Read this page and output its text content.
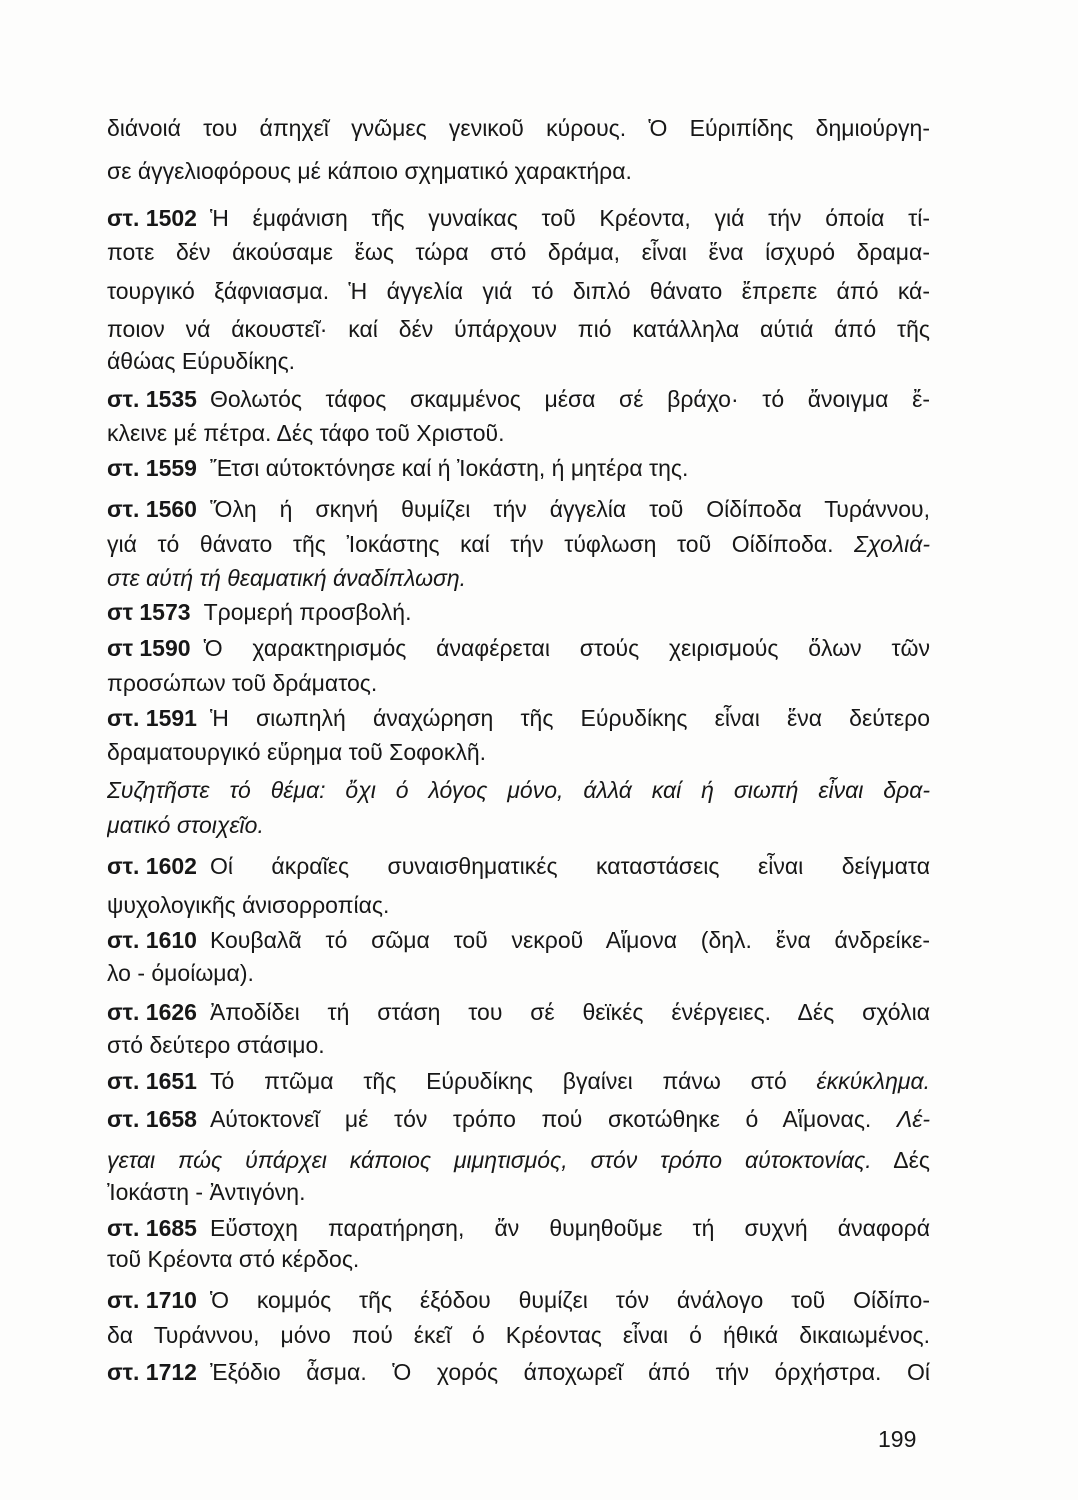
διάνοιά του άπηχεῖ γνῶμες γενικοῦ κύρους. Ὁ Εύριπίδης δημιούργη-
σε άγγελιοφόρους μέ κάποιο σχηματικό χαρακτήρα.
στ. 1502 Ἡ έμφάνιση τῆς γυναίκας τοῦ Κρέοντα, γιά τήν όποία τί-
ποτε δέν άκούσαμε ἕως τώρα στό δράμα, εἶναι ἕνα ίσχυρό δραμα-
τουργικό ξάφνιασμα. Ἡ άγγελία γιά τό διπλό θάνατο ἔπρεπε άπό κά-
ποιον νά άκουστεῖ· καί δέν ύπάρχουν πιό κατάλληλα αύτιά άπό τῆς
άθώας Εύρυδίκης.
στ. 1535 Θολωτός τάφος σκαμμένος μέσα σέ βράχο· τό ἄνοιγμα ἔ-
κλεινε μέ πέτρα. Δές τάφο τοῦ Χριστοῦ.
στ. 1559 Ἔτσι αύτοκτόνησε καί ή Ἰοκάστη, ή μητέρα της.
στ. 1560 Ὅλη ή σκηνή θυμίζει τήν άγγελία τοῦ Οίδίποδα Τυράννου,
γιά τό θάνατο τῆς Ἰοκάστης καί τήν τύφλωση τοῦ Οίδίποδα. Σχολιά-
στε αύτή τή θεαματική άναδίπλωση.
στ 1573 Τρομερή προσβολή.
στ 1590 Ὁ χαρακτηρισμός άναφέρεται στούς χειρισμούς ὅλων τῶν
προσώπων τοῦ δράματος.
στ. 1591 Ἡ σιωπηλή άναχώρηση τῆς Εύρυδίκης εἶναι ἕνα δεύτερο
δραματουργικό εὕρημα τοῦ Σοφοκλῆ.
Συζητῆστε τό θέμα: ὄχι ό λόγος μόνο, άλλά καί ή σιωπή εἶναι δρα-
ματικό στοιχεῖο.
στ. 1602 Οί άκραῖες συναισθηματικές καταστάσεις εἶναι δείγματα
ψυχολογικῆς άνισορροπίας.
στ. 1610 Κουβαλᾶ τό σῶμα τοῦ νεκροῦ Αἵμονα (δηλ. ἕνα άνδρείκε-
λο - όμοίωμα).
στ. 1626 Ἀποδίδει τή στάση του σέ θεϊκές ένέργειες. Δές σχόλια
στό δεύτερο στάσιμο.
στ. 1651 Τό πτῶμα τῆς Εύρυδίκης βγαίνει πάνω στό έκκύκλημα.
στ. 1658 Αύτοκτονεῖ μέ τόν τρόπο πού σκοτώθηκε ό Αἵμονας. Λέ-
γεται πώς ύπάρχει κάποιος μιμητισμός, στόν τρόπο αύτοκτονίας. Δές
Ἰοκάστη - Ἀντιγόνη.
στ. 1685 Εὔστοχη παρατήρηση, ἄν θυμηθοῦμε τή συχνή άναφορά
τοῦ Κρέοντα στό κέρδος.
στ. 1710 Ὁ κομμός τῆς έξόδου θυμίζει τόν άνάλογο τοῦ Οίδίπο-
δα Τυράννου, μόνο πού έκεῖ ό Κρέοντας εἶναι ό ήθικά δικαιωμένος.
στ. 1712 Ἐξόδιο ἆσμα. Ὁ χορός άποχωρεῖ άπό τήν όρχήστρα. Οί
199
